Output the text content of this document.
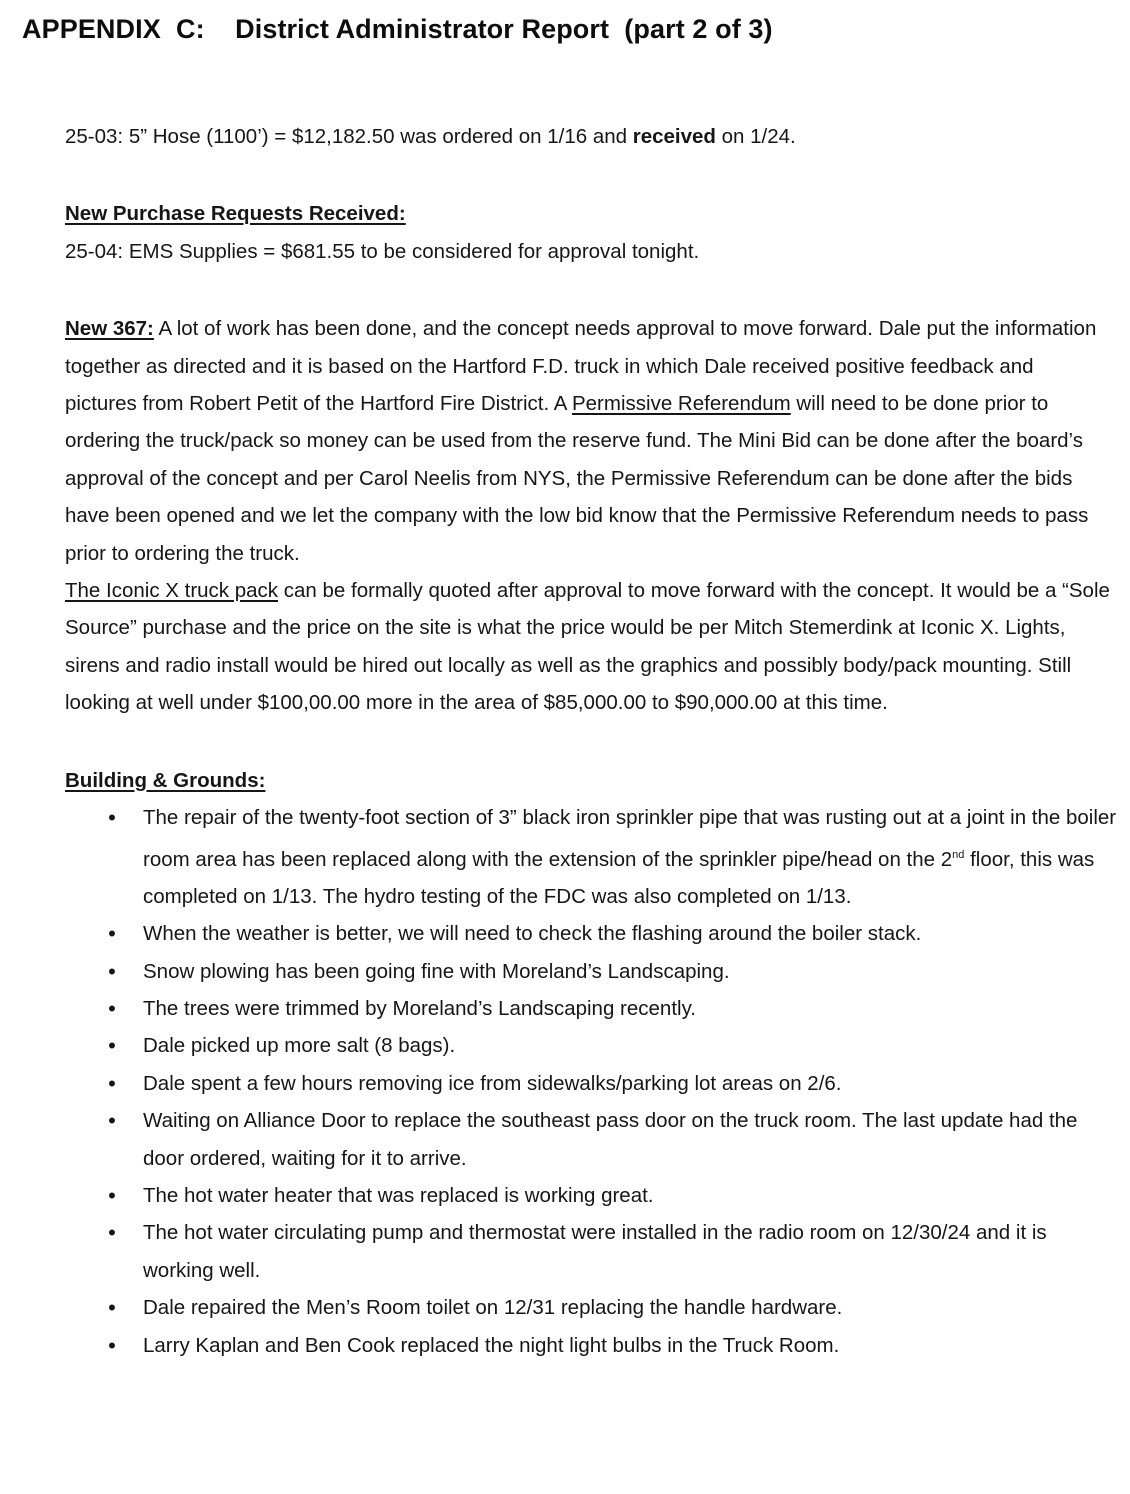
APPENDIX  C: District Administrator Report  (part 2 of 3)

25-03: 5” Hose (1100’) = $12,182.50 was ordered on 1/16 and received on 1/24.

New Purchase Requests Received:

25-04: EMS Supplies = $681.55 to be considered for approval tonight.

New 367: A lot of work has been done, and the concept needs approval to move forward. Dale put the information together as directed and it is based on the Hartford F.D. truck in which Dale received positive feedback and pictures from Robert Petit of the Hartford Fire District. A Permissive Referendum will need to be done prior to ordering the truck/pack so money can be used from the reserve fund. The Mini Bid can be done after the board’s approval of the concept and per Carol Neelis from NYS, the Permissive Referendum can be done after the bids have been opened and we let the company with the low bid know that the Permissive Referendum needs to pass prior to ordering the truck.

The Iconic X truck pack can be formally quoted after approval to move forward with the concept. It would be a “Sole Source” purchase and the price on the site is what the price would be per Mitch Stemerdink at Iconic X. Lights, sirens and radio install would be hired out locally as well as the graphics and possibly body/pack mounting. Still looking at well under $100,00.00 more in the area of $85,000.00 to $90,000.00 at this time.

Building & Grounds:

•	The repair of the twenty-foot section of 3” black iron sprinkler pipe that was rusting out at a joint in the boiler room area has been replaced along with the extension of the sprinkler pipe/head on the 2nd floor, this was completed on 1/13. The hydro testing of the FDC was also completed on 1/13.
•	When the weather is better, we will need to check the flashing around the boiler stack.
•	Snow plowing has been going fine with Moreland’s Landscaping.
•	The trees were trimmed by Moreland’s Landscaping recently.
•	Dale picked up more salt (8 bags).
•	Dale spent a few hours removing ice from sidewalks/parking lot areas on 2/6.
•	Waiting on Alliance Door to replace the southeast pass door on the truck room. The last update had the door ordered, waiting for it to arrive.
•	The hot water heater that was replaced is working great.
•	The hot water circulating pump and thermostat were installed in the radio room on 12/30/24 and it is working well.
•	Dale repaired the Men’s Room toilet on 12/31 replacing the handle hardware.
•	Larry Kaplan and Ben Cook replaced the night light bulbs in the Truck Room.
